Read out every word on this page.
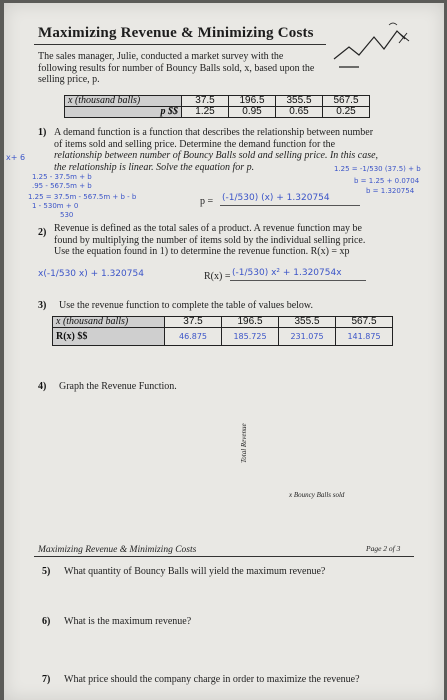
Maximizing Revenue & Minimizing Costs
The sales manager, Julie, conducted a market survey with the
following results for number of Bouncy Balls sold, x, based upon the
selling price, p.
x (thousand balls)	37.5	196.5	355.5	567.5
p $$	1.25	0.95	0.65	0.25
1) A demand function is a function that describes the relationship between number
of items sold and selling price. Determine the demand function for the
relationship between number of Bouncy Balls sold and selling price. In this case,
the relationship is linear. Solve the equation for p.
x+ 6
1.25 - 37.5m + b
.95 - 567.5m + b
1.25 = 37.5m - 567.5m + b - b
1 - 530m + 0
530
1.25 = -1/530 (37.5) + b
b = 1.25 + 0.0704
b = 1.320754
p = (-1/530) (x) + 1.320754
2) Revenue is defined as the total sales of a product. A revenue function may be
found by multiplying the number of items sold by the individual selling price.
Use the equation found in 1) to determine the revenue function. R(x) = xp
x(-1/530 x) + 1.320754	R(x) = (-1/530) x² + 1.320754x
3) Use the revenue function to complete the table of values below.
x (thousand balls)	37.5	196.5	355.5	567.5
R(x) $$	46.875	185.725	231.075	141.875
4) Graph the Revenue Function.
Total Revenue
x Bouncy Balls sold
Maximizing Revenue & Minimizing Costs	Page 2 of 3
5) What quantity of Bouncy Balls will yield the maximum revenue?
6) What is the maximum revenue?
7) What price should the company charge in order to maximize the revenue?
